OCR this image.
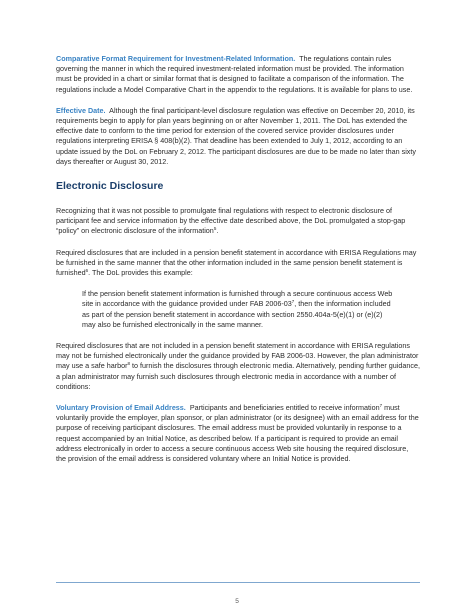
Comparative Format Requirement for Investment-Related Information. The regulations contain rules governing the manner in which the required investment-related information must be provided. The information must be provided in a chart or similar format that is designed to facilitate a comparison of the information. The regulations include a Model Comparative Chart in the appendix to the regulations. It is available for plans to use.

Effective Date. Although the final participant-level disclosure regulation was effective on December 20, 2010, its requirements begin to apply for plan years beginning on or after November 1, 2011. The DoL has extended the effective date to conform to the time period for extension of the covered service provider disclosures under regulations interpreting ERISA § 408(b)(2). That deadline has been extended to July 1, 2012, according to an update issued by the DoL on February 2, 2012. The participant disclosures are due to be made no later than sixty days thereafter or August 30, 2012.

Electronic Disclosure

Recognizing that it was not possible to promulgate final regulations with respect to electronic disclosure of participant fee and service information by the effective date described above, the DoL promulgated a stop-gap “policy” on electronic disclosure of the information$^5$.

Required disclosures that are included in a pension benefit statement in accordance with ERISA Regulations may be furnished in the same manner that the other information included in the same pension benefit statement is furnished$^6$. The DoL provides this example:

If the pension benefit statement information is furnished through a secure continuous access Web site in accordance with the guidance provided under FAB $2006-03^7$, then the information included as part of the pension benefit statement in accordance with section 2550.404a-5(e)(1) or (e)(2) may also be furnished electronically in the same manner.

Required disclosures that are not included in a pension benefit statement in accordance with ERISA regulations may not be furnished electronically under the guidance provided by FAB 2006-03. However, the plan administrator may use a safe harbor$^8$ to furnish the disclosures through electronic media. Alternatively, pending further guidance, a plan administrator may furnish such disclosures through electronic media in accordance with a number of conditions:

Voluntary Provision of Email Address. Participants and beneficiaries entitled to receive information$^7$ must voluntarily provide the employer, plan sponsor, or plan administrator (or its designee) with an email address for the purpose of receiving participant disclosures. The email address must be provided voluntarily in response to a request accompanied by an Initial Notice, as described below. If a participant is required to provide an email address electronically in order to access a secure continuous access Web site housing the required disclosure, the provision of the email address is considered voluntary where an Initial Notice is provided.

5
